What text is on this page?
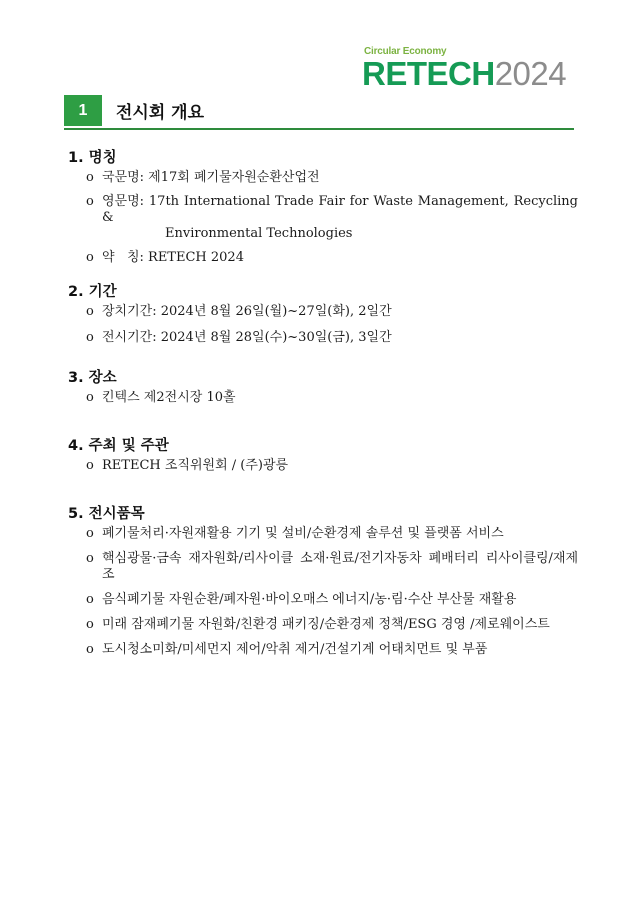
Circular Economy
RETECH2024
1	전시회 개요
1. 명칭
o 국문명: 제17회 폐기물자원순환산업전
o 영문명: 17th International Trade Fair for Waste Management, Recycling &
Environmental Technologies
o 약   칭: RETECH 2024
2. 기간
o 장치기간: 2024년 8월 26일(월)~27일(화), 2일간
o 전시기간: 2024년 8월 28일(수)~30일(금), 3일간
3. 장소
o 킨텍스 제2전시장 10홀
4. 주최 및 주관
o RETECH 조직위원회 / (주)광릉
5. 전시품목
o 폐기물처리·자원재활용 기기 및 설비/순환경제 솔루션 및 플랫폼 서비스
o 핵심광물·금속 재자원화/리사이클 소재·원료/전기자동차 폐배터리 리사이클링/재제조
o 음식폐기물 자원순환/폐자원·바이오매스 에너지/농·림·수산 부산물 재활용
o 미래 잠재폐기물 자원화/친환경 패키징/순환경제 정책/ESG 경영 /제로웨이스트
o 도시청소미화/미세먼지 제어/악취 제거/건설기계 어태치먼트 및 부품
